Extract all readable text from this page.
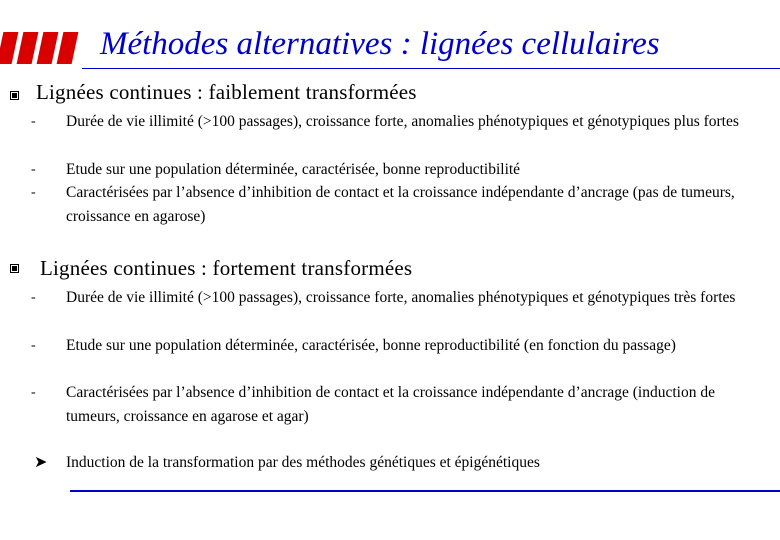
Méthodes alternatives : lignées cellulaires
Lignées continues : faiblement transformées
- Durée de vie illimité (>100 passages), croissance forte, anomalies phénotypiques et génotypiques plus fortes
- Etude sur une population déterminée, caractérisée, bonne reproductibilité
- Caractérisées par l’absence d’inhibition de contact et la croissance indépendante d’ancrage (pas de tumeurs, croissance en agarose)
Lignées continues : fortement transformées
- Durée de vie illimité (>100 passages), croissance forte, anomalies phénotypiques et génotypiques très fortes
- Etude sur une population déterminée, caractérisée, bonne reproductibilité (en fonction du passage)
- Caractérisées par l’absence d’inhibition de contact et la croissance indépendante d’ancrage (induction de tumeurs, croissance en agarose et agar)
➤ Induction de la transformation par des méthodes génétiques et épigénétiques
